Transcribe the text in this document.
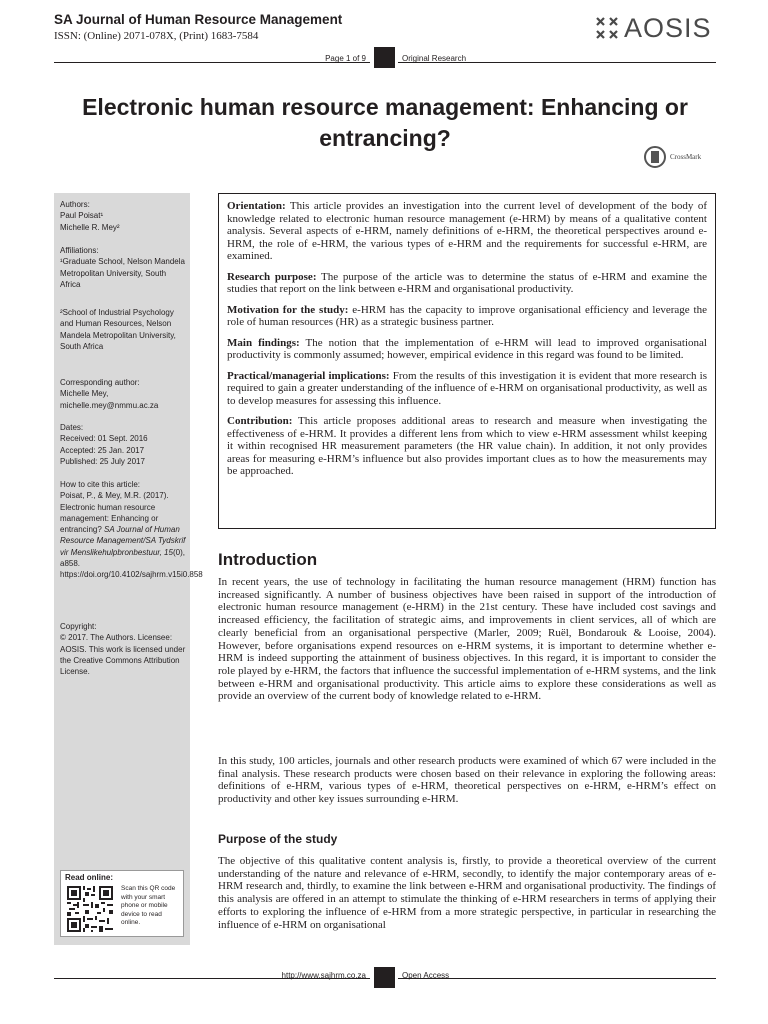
SA Journal of Human Resource Management
ISSN: (Online) 2071-078X, (Print) 1683-7584	AOSIS
Page 1 of 9	Original Research
Electronic human resource management: Enhancing or entrancing?
CrossMark

Authors:

Paul Poisat¹

Michelle R. Mey²

Affiliations:

¹Graduate School, Nelson Mandela Metropolitan University, South Africa

²School of Industrial Psychology and Human Resources, Nelson Mandela Metropolitan University, South Africa

Corresponding author:

Michelle Mey,

michelle.mey@nmmu.ac.za

Dates:

Received: 01 Sept. 2016

Accepted: 25 Jan. 2017

Published: 25 July 2017

How to cite this article:

Poisat, P., & Mey, M.R. (2017). Electronic human resource management: Enhancing or entrancing? SA Journal of Human Resource Management/SA Tydskrif vir Menslikehulpbronbestuur, 15(0), a858. https://doi.org/10.4102/sajhrm.v15i0.858

Copyright:

© 2017. The Authors. Licensee: AOSIS. This work is licensed under the Creative Commons Attribution License.

Read online:
Scan this QR code with your smart phone or mobile device to read online.

Orientation: This article provides an investigation into the current level of development of the body of knowledge related to electronic human resource management (e-HRM) by means of a qualitative content analysis. Several aspects of e-HRM, namely definitions of e-HRM, the theoretical perspectives around e-HRM, the role of e-HRM, the various types of e-HRM and the requirements for successful e-HRM, are examined.

Research purpose: The purpose of the article was to determine the status of e-HRM and examine the studies that report on the link between e-HRM and organisational productivity.

Motivation for the study: e-HRM has the capacity to improve organisational efficiency and leverage the role of human resources (HR) as a strategic business partner.

Main findings: The notion that the implementation of e-HRM will lead to improved organisational productivity is commonly assumed; however, empirical evidence in this regard was found to be limited.

Practical/managerial implications: From the results of this investigation it is evident that more research is required to gain a greater understanding of the influence of e-HRM on organisational productivity, as well as to develop measures for assessing this influence.

Contribution: This article proposes additional areas to research and measure when investigating the effectiveness of e-HRM. It provides a different lens from which to view e-HRM assessment whilst keeping it within recognised HR measurement parameters (the HR value chain). In addition, it not only provides areas for measuring e-HRM’s influence but also provides important clues as to how the measurements may be approached.

Introduction

In recent years, the use of technology in facilitating the human resource management (HRM) function has increased significantly. A number of business objectives have been raised in support of the introduction of electronic human resource management (e-HRM) in the 21st century. These have included cost savings and increased efficiency, the facilitation of strategic aims, and improvements in client services, all of which are clearly beneficial from an organisational perspective (Marler, 2009; Ruël, Bondarouk & Looise, 2004). However, before organisations expend resources on e-HRM systems, it is important to determine whether e-HRM is indeed supporting the attainment of business objectives. In this regard, it is important to consider the role played by e-HRM, the factors that influence the successful implementation of e-HRM systems, and the link between e-HRM and organisational productivity. This article aims to explore these considerations as well as provide an overview of the current body of knowledge related to e-HRM.

In this study, 100 articles, journals and other research products were examined of which 67 were included in the final analysis. These research products were chosen based on their relevance in exploring the following areas: definitions of e-HRM, various types of e-HRM, theoretical perspectives on e-HRM, e-HRM’s effect on productivity and other key issues surrounding e-HRM.

Purpose of the study

The objective of this qualitative content analysis is, firstly, to provide a theoretical overview of the current understanding of the nature and relevance of e-HRM, secondly, to identify the major contemporary areas of e-HRM research and, thirdly, to examine the link between e-HRM and organisational productivity. The findings of this analysis are offered in an attempt to stimulate the thinking of e-HRM researchers in terms of applying their efforts to exploring the influence of e-HRM from a more strategic perspective, in particular in researching the influence of e-HRM on organisational

http://www.sajhrm.co.za	Open Access
